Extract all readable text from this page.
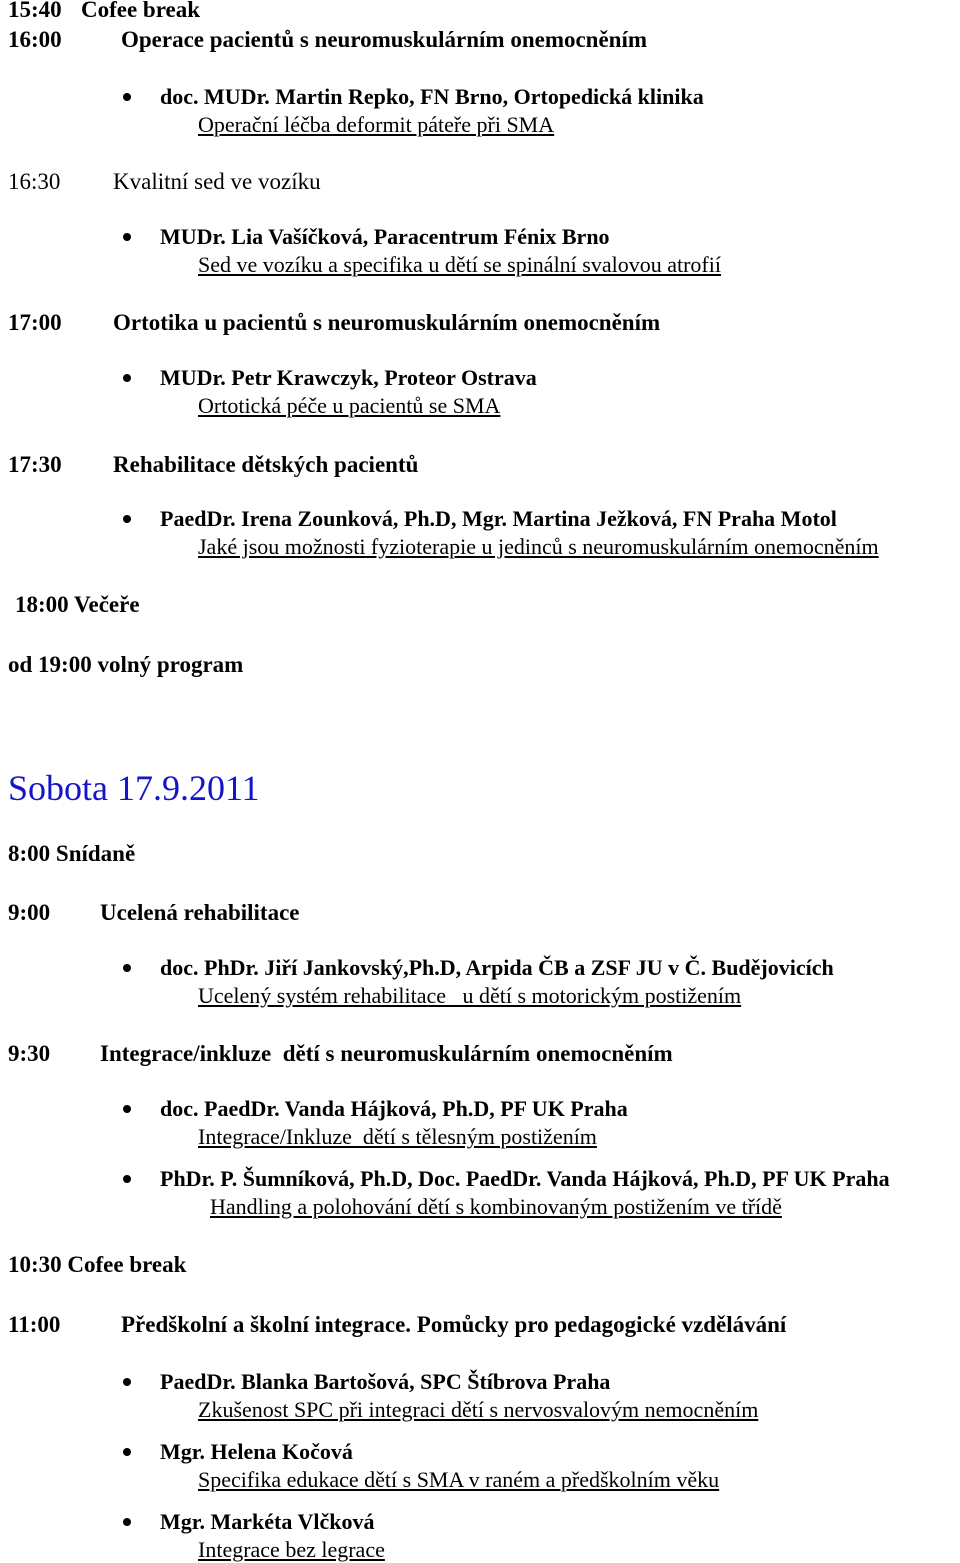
15:40 Cofee break
16:00	Operace pacientů s neuromuskulárním onemocněním
doc. MUDr. Martin Repko, FN Brno, Ortopedická klinika
Operační léčba deformit páteře při SMA
16:30 Kvalitní sed ve vozíku
MUDr. Lia Vašíčková, Paracentrum Fénix Brno
Sed ve vozíku a specifika u dětí se spinální svalovou atrofií
17:00 Ortotika u pacientů s neuromuskulárním onemocněním
MUDr. Petr Krawczyk, Proteor Ostrava
Ortotická péče u pacientů se SMA
17:30 Rehabilitace dětských pacientů
PaedDr. Irena Zounková, Ph.D, Mgr. Martina Ježková, FN Praha Motol
Jaké jsou možnosti fyzioterapie u jedinců s neuromuskulárním onemocněním
18:00 Večeře
od 19:00 volný program
Sobota 17.9.2011
8:00 Snídaně
9:00 Ucelená rehabilitace
doc. PhDr. Jiří Jankovský,Ph.D, Arpida ČB a ZSF JU v Č. Budějovicích
Ucelený systém rehabilitace   u dětí s motorickým postižením
9:30 Integrace/inkluze  dětí s neuromuskulárním onemocněním
doc. PaedDr. Vanda Hájková, Ph.D, PF UK Praha
Integrace/Inkluze  dětí s tělesným postižením
PhDr. P. Šumníková, Ph.D, Doc. PaedDr. Vanda Hájková, Ph.D, PF UK Praha
Handling a polohování dětí s kombinovaným postižením ve třídě
10:30 Cofee break
11:00	Předškolní a školní integrace. Pomůcky pro pedagogické vzdělávání
PaedDr. Blanka Bartošová, SPC Štíbrova Praha
Zkušenost SPC při integraci dětí s nervosvalovým nemocněním
Mgr. Helena Kočová
Specifika edukace dětí s SMA v raném a předškolním věku
Mgr. Markéta Vlčková
Integrace bez legrace
